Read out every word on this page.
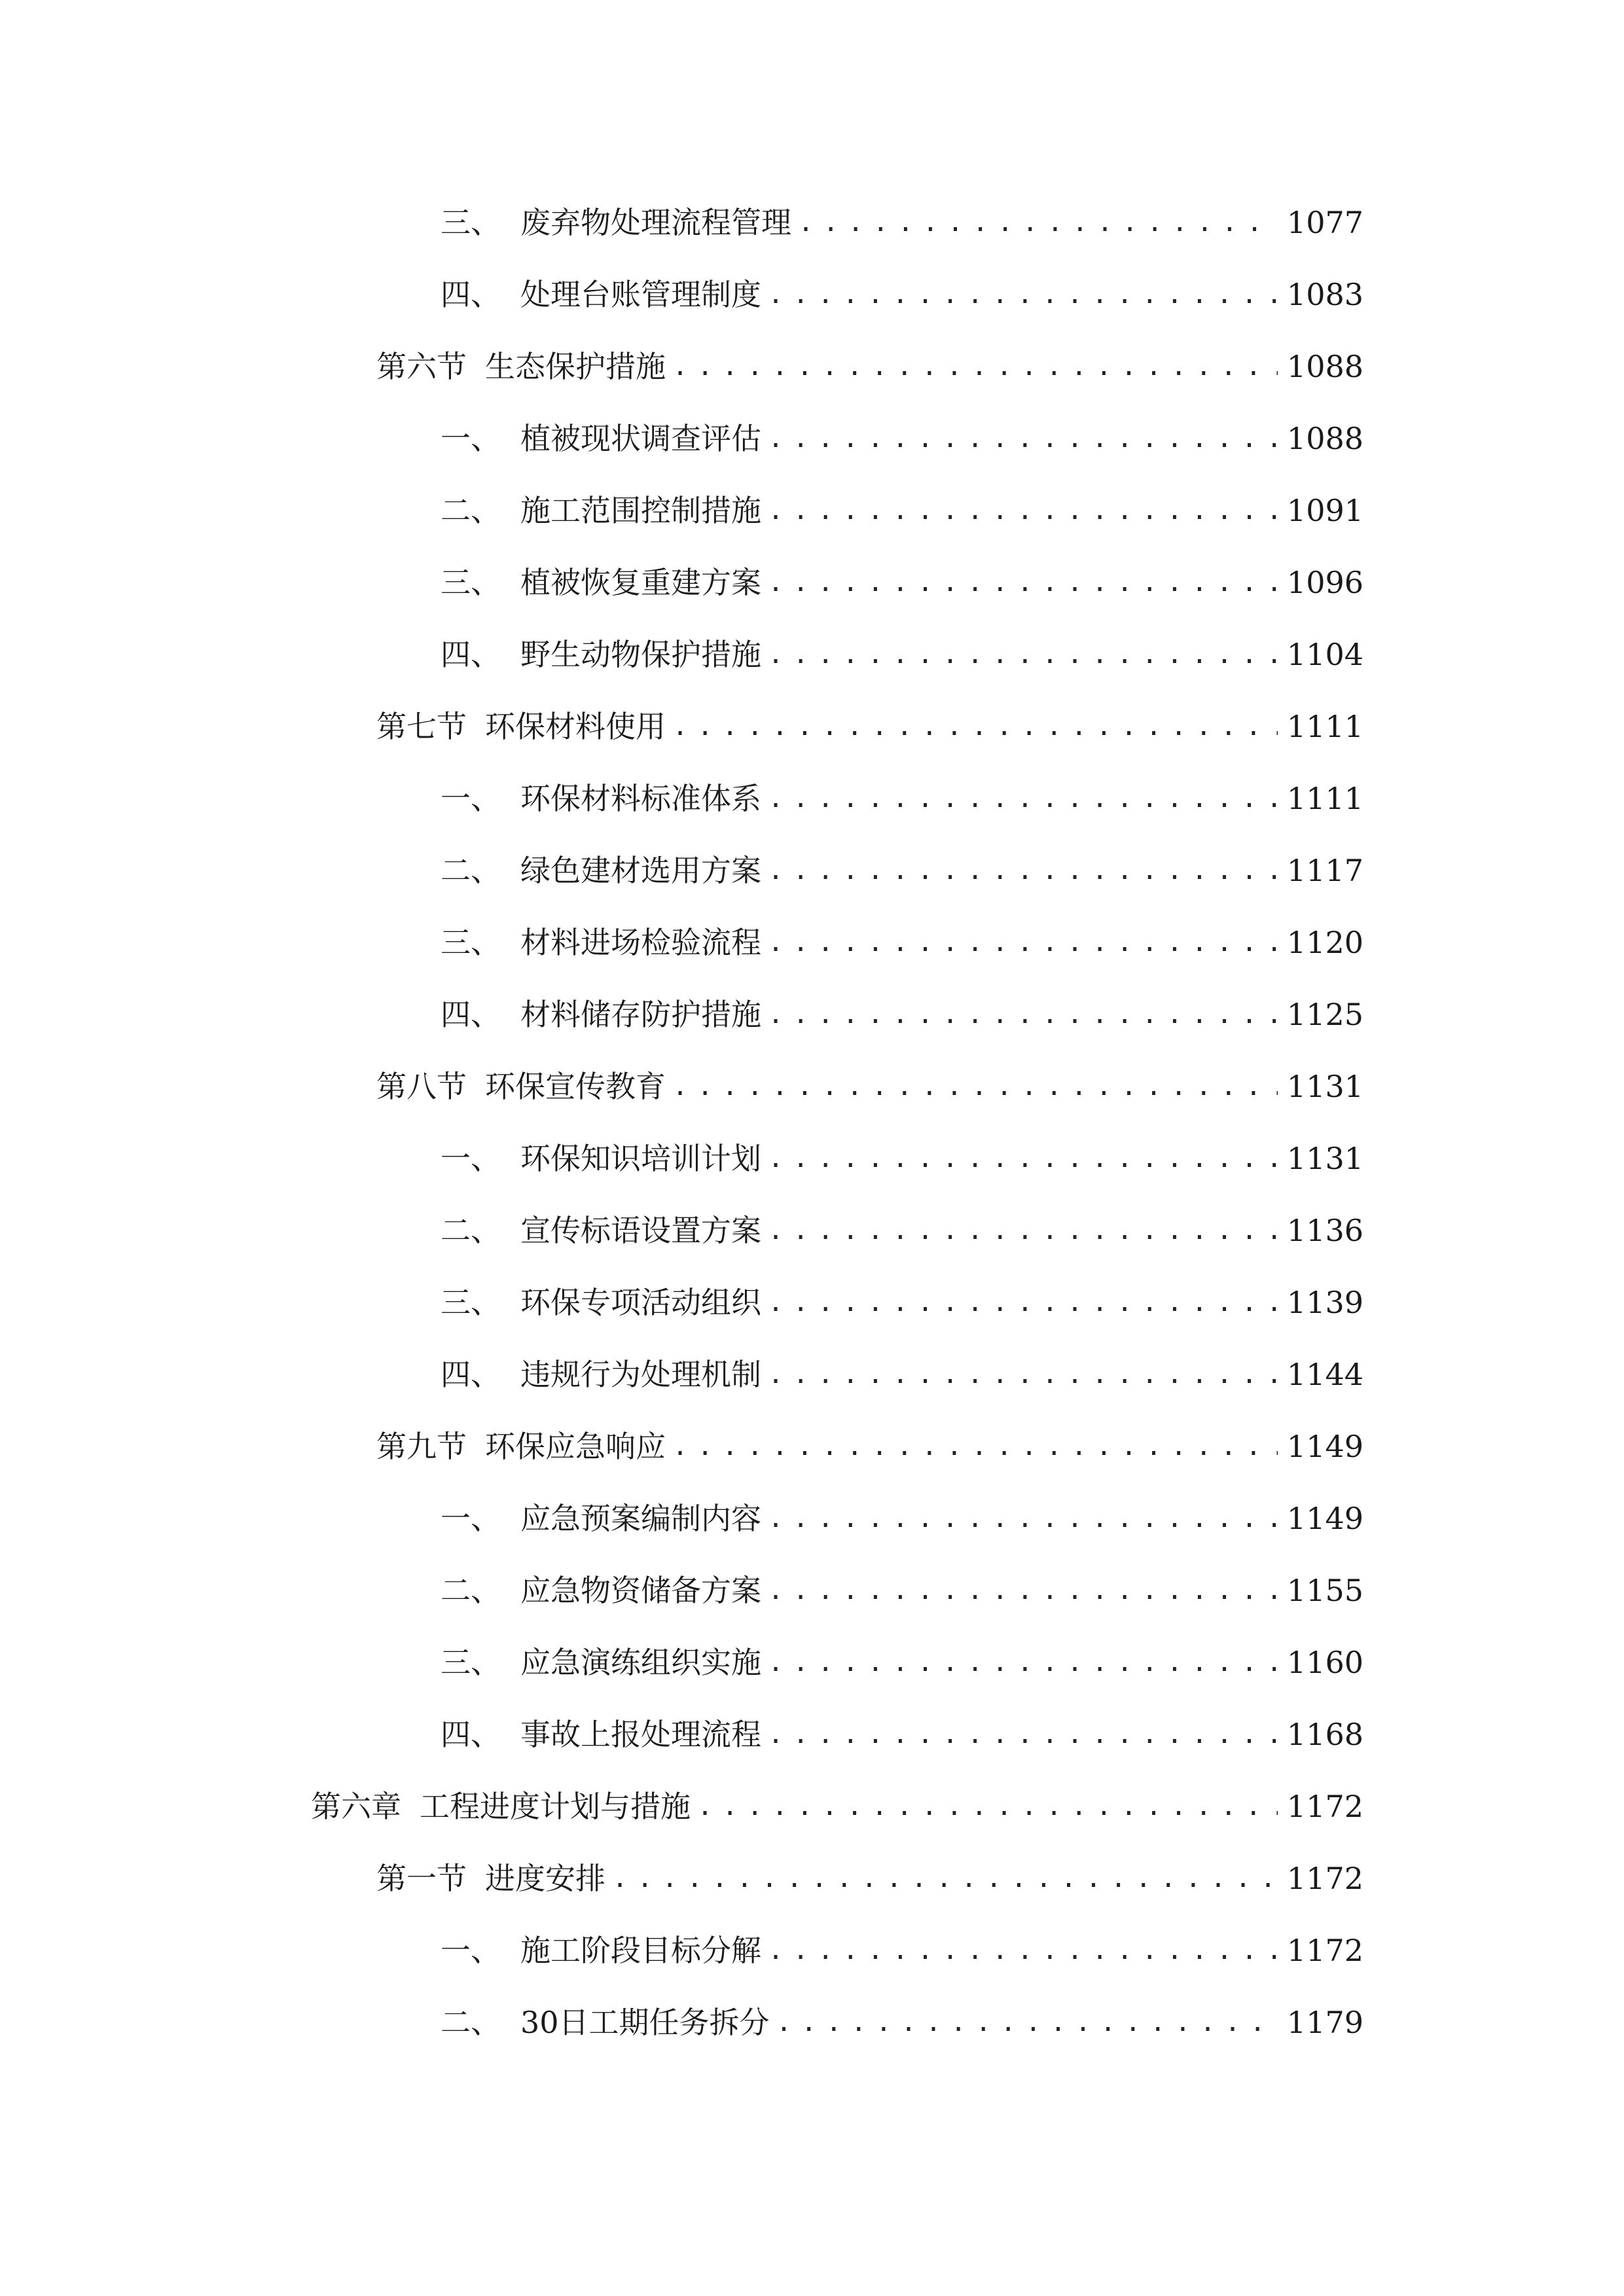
三、 废弃物处理流程管理 .....	1077
四、 处理台账管理制度 .....	1083
第六节 生态保护措施 .....	1088
一、 植被现状调查评估 .....	1088
二、 施工范围控制措施 .....	1091
三、 植被恢复重建方案 .....	1096
四、 野生动物保护措施 .....	1104
第七节 环保材料使用 .....	1111
一、 环保材料标准体系 .....	1111
二、 绿色建材选用方案 .....	1117
三、 材料进场检验流程 .....	1120
四、 材料储存防护措施 .....	1125
第八节 环保宣传教育 .....	1131
一、 环保知识培训计划 .....	1131
二、 宣传标语设置方案 .....	1136
三、 环保专项活动组织 .....	1139
四、 违规行为处理机制 .....	1144
第九节 环保应急响应 .....	1149
一、 应急预案编制内容 .....	1149
二、 应急物资储备方案 .....	1155
三、 应急演练组织实施 .....	1160
四、 事故上报处理流程 .....	1168
第六章 工程进度计划与措施 .....	1172
第一节 进度安排 .....	1172
一、 施工阶段目标分解 .....	1172
二、 30日工期任务拆分 .....	1179
